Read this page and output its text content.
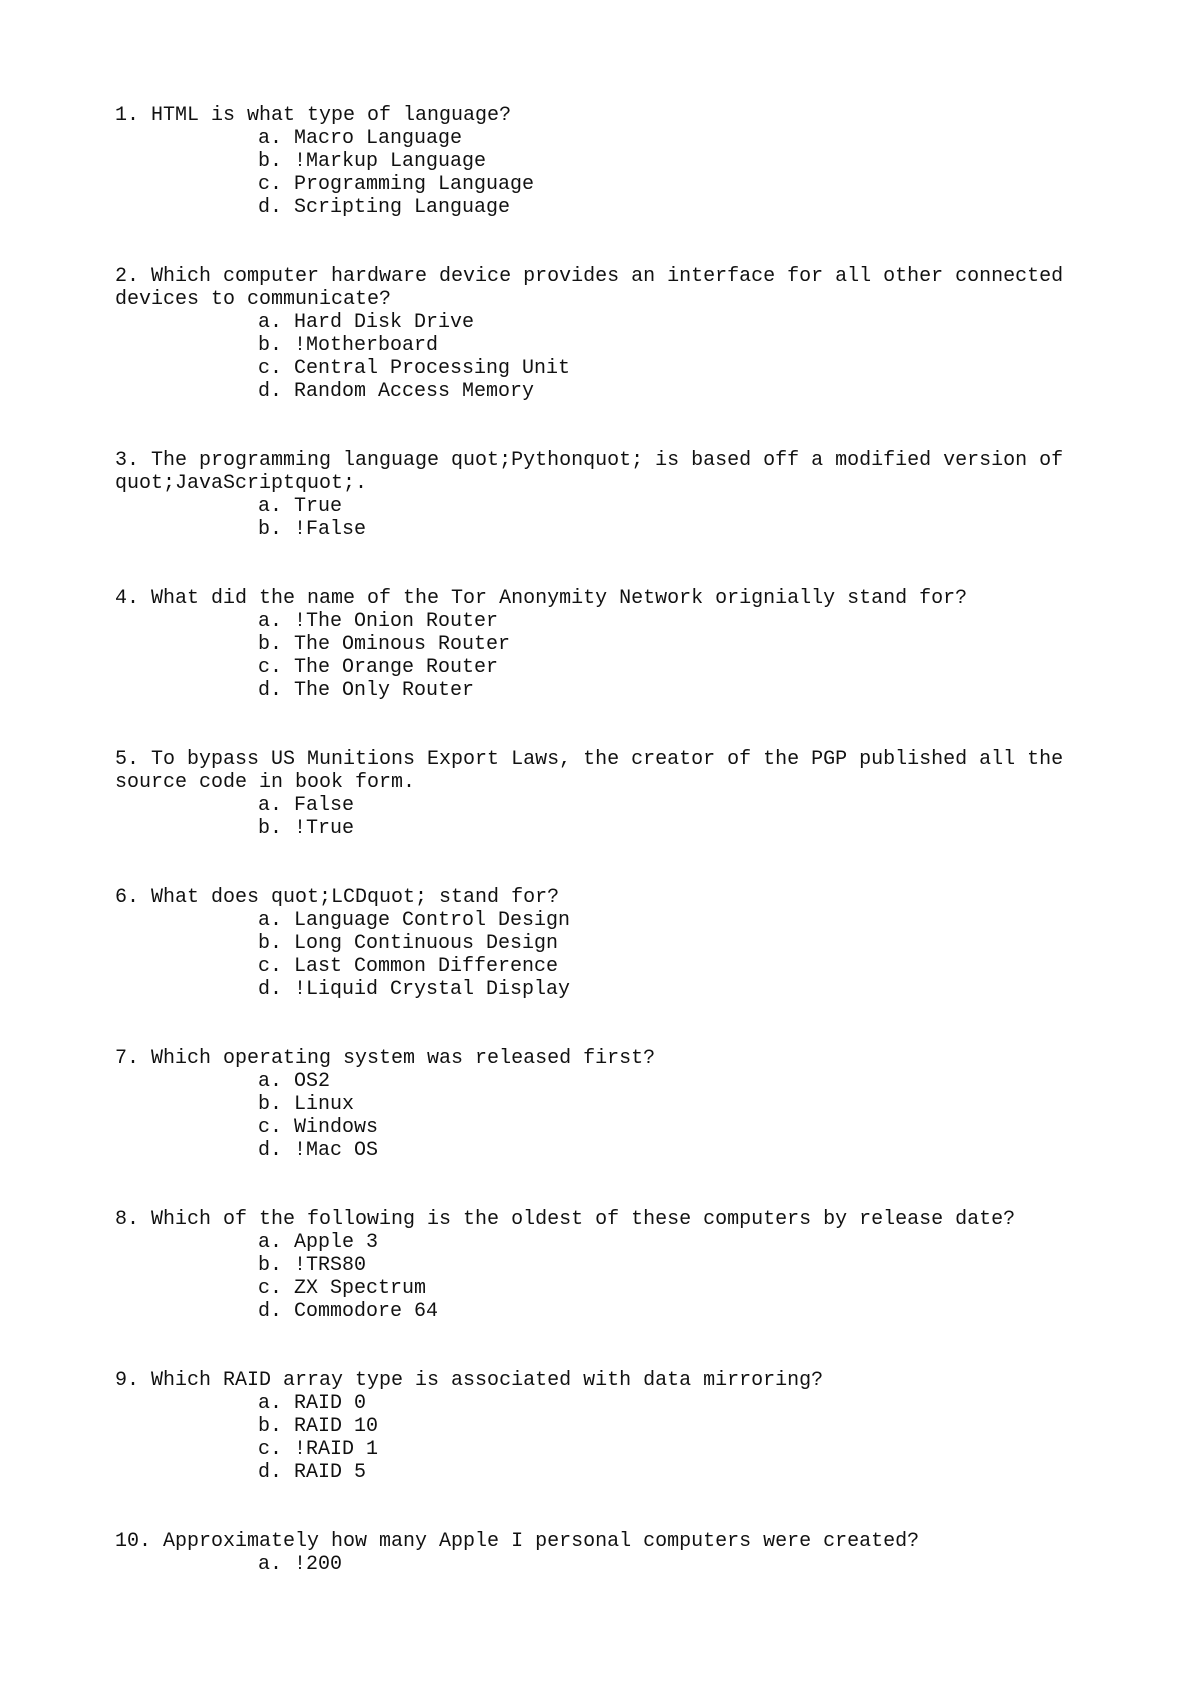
1. HTML is what type of language?

a. Macro Language
b. !Markup Language
c. Programming Language
d. Scripting Language

2. Which computer hardware device provides an interface for all other connected devices to communicate?

a. Hard Disk Drive
b. !Motherboard
c. Central Processing Unit
d. Random Access Memory

3. The programming language quot;Pythonquot; is based off a modified version of quot;JavaScriptquot;.

a. True
b. !False

4. What did the name of the Tor Anonymity Network orignially stand for?

a. !The Onion Router
b. The Ominous Router
c. The Orange Router
d. The Only Router

5. To bypass US Munitions Export Laws, the creator of the PGP published all the source code in book form.

a. False
b. !True

6. What does quot;LCDquot; stand for?

a. Language Control Design
b. Long Continuous Design
c. Last Common Difference
d. !Liquid Crystal Display

7. Which operating system was released first?

a. OS2
b. Linux
c. Windows
d. !Mac OS

8. Which of the following is the oldest of these computers by release date?

a. Apple 3
b. !TRS80
c. ZX Spectrum
d. Commodore 64

9. Which RAID array type is associated with data mirroring?

a. RAID 0
b. RAID 10
c. !RAID 1
d. RAID 5

10. Approximately how many Apple I personal computers were created?

a. !200
